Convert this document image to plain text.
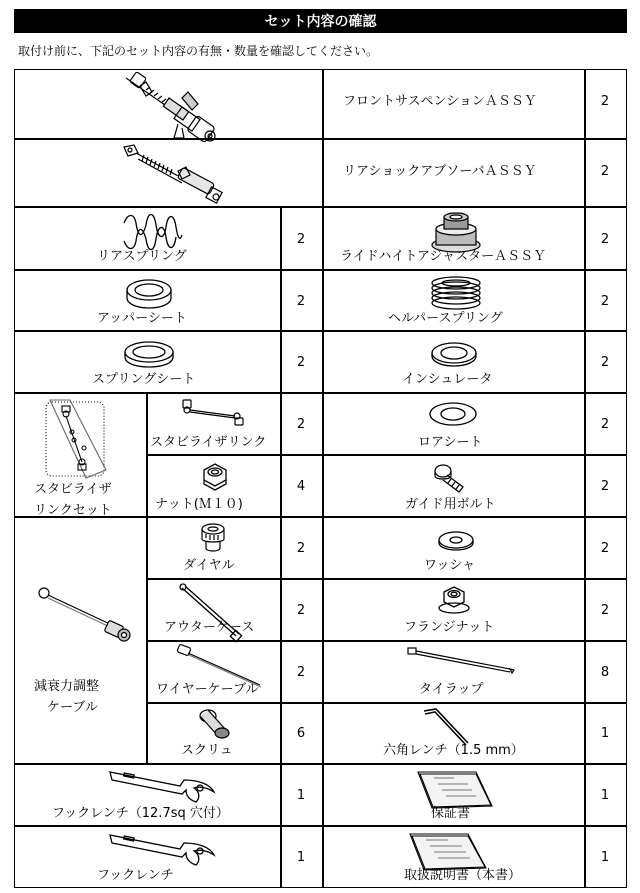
セット内容の確認
取付け前に、下記のセット内容の有無・数量を確認してください。
フロントサスペンションＡＳＳＹ	2
リアショックアブソーバＡＳＳＹ	2
リアスプリング
2
ライドハイトアジャスターＡＳＳＹ
2
アッパーシート
2
ヘルパースプリング
2
スプリングシート
2
インシュレータ
2
スタビライザ
リンクセット
スタビライザリンク
2
ロアシート
2
ナット(Ｍ１０)
4
ガイド用ボルト
2
減衰力調整
　ケーブル
ダイヤル
2
ワッシャ
2
アウターケース
2
フランジナット
2
ワイヤーケーブル
2
タイラップ
8
スクリュ
6
六角レンチ（1.5 mm）
1
フックレンチ（12.7sq 穴付）
1
保証書
1
フックレンチ
1
取扱説明書（本書）
1
